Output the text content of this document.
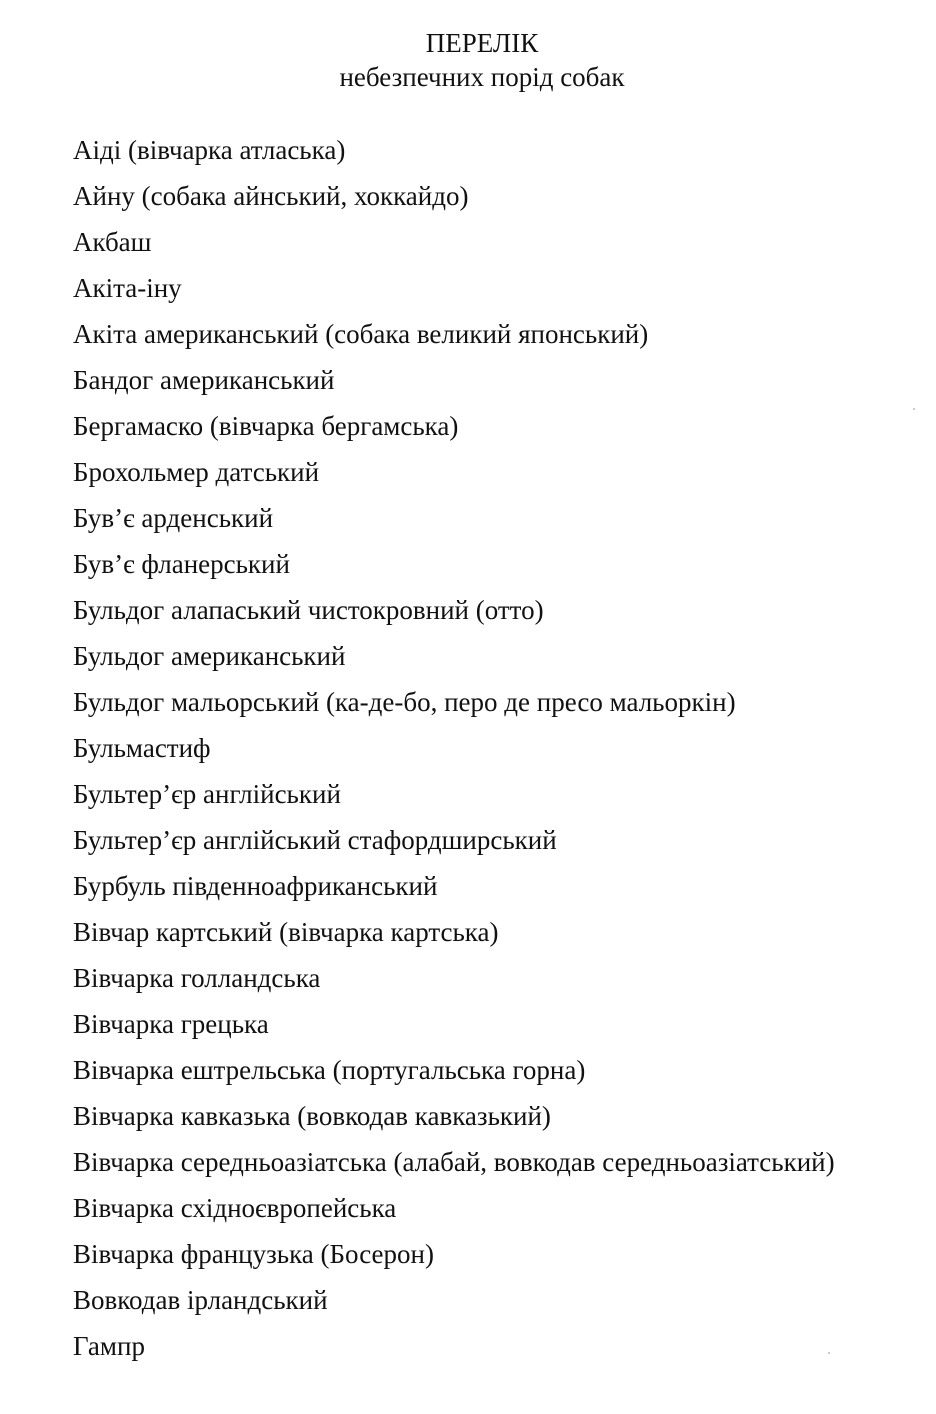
ПЕРЕЛІК
небезпечних порід собак
Аіді (вівчарка атласька)
Айну (собака айнський, хоккайдо)
Акбаш
Акіта-іну
Акіта американський (собака великий японський)
Бандог американський
Бергамаско (вівчарка бергамська)
Брохольмер датський
Був’є арденський
Був’є фланерський
Бульдог алапаський чистокровний (отто)
Бульдог американський
Бульдог мальорський (ка-де-бо, перо де пресо мальоркін)
Бульмастиф
Бультер’єр англійський
Бультер’єр англійський стафордширський
Бурбуль південноафриканський
Вівчар картський (вівчарка картська)
Вівчарка голландська
Вівчарка грецька
Вівчарка ештрельська (португальська горна)
Вівчарка кавказька (вовкодав кавказький)
Вівчарка середньоазіатська (алабай, вовкодав середньоазіатський)
Вівчарка східноєвропейська
Вівчарка французька (Босерон)
Вовкодав ірландський
Гампр
